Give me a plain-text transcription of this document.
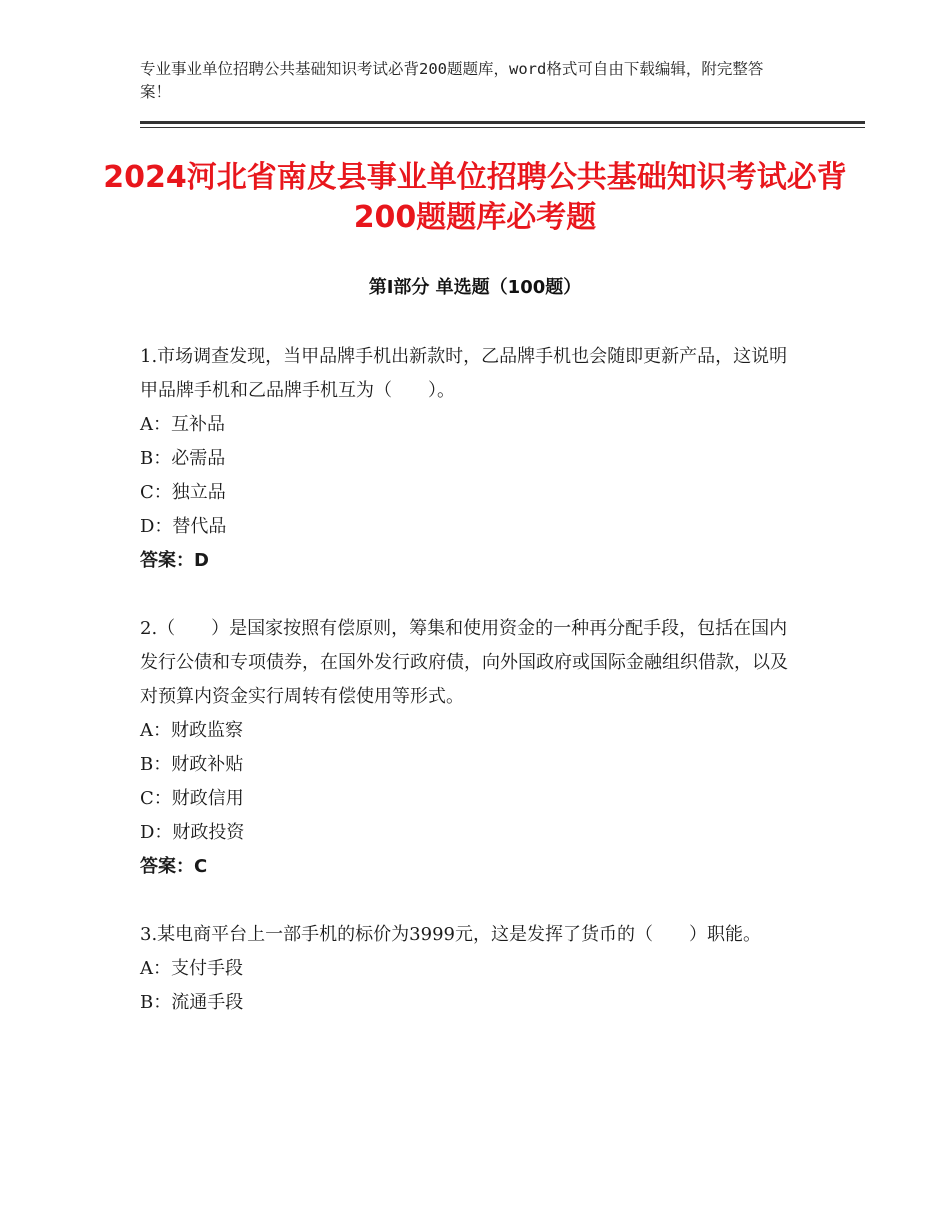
专业事业单位招聘公共基础知识考试必背200题题库，word格式可自由下载编辑，附完整答案！
2024河北省南皮县事业单位招聘公共基础知识考试必背200题题库必考题
第Ⅰ部分 单选题（100题）
1.市场调查发现，当甲品牌手机出新款时，乙品牌手机也会随即更新产品，这说明甲品牌手机和乙品牌手机互为（　　）。
A：互补品
B：必需品
C：独立品
D：替代品
答案：D
2.（　　）是国家按照有偿原则，筹集和使用资金的一种再分配手段，包括在国内发行公债和专项债券，在国外发行政府债，向外国政府或国际金融组织借款，以及对预算内资金实行周转有偿使用等形式。
A：财政监察
B：财政补贴
C：财政信用
D：财政投资
答案：C
3.某电商平台上一部手机的标价为3999元，这是发挥了货币的（　　）职能。
A：支付手段
B：流通手段
